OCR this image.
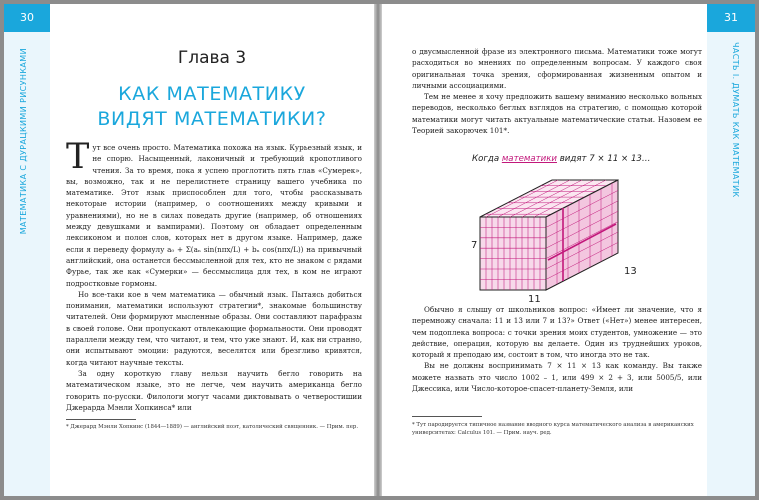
30
МАТЕМАТИКА С ДУРАЦКИМИ РИСУНКАМИ	Глава 3
КАК МАТЕМАТИКУ
ВИДЯТ МАТЕМАТИКИ?

Тут все очень просто. Математика похожа на язык. Курьезный язык, и не спорю. Насыщенный, лаконичный и требующий кропотливого чтения. За то время, пока я успею проглотить пять глав «Сумерек», вы, возможно, так и не перелистнете страницу вашего учебника по математике. Этот язык приспособлен для того, чтобы рассказывать некоторые истории (например, о соотношениях между кривыми и уравнениями), но не в силах поведать другие (например, об отношениях между девушками и вампирами). Поэтому он обладает определенным лексиконом и полон слов, которых нет в другом языке. Например, даже если я переведу формулу a₀ + Σ(aₙ sin(nπx/L) + bₙ cos(nπx/L)) на привычный английский, она останется бессмысленной для тех, кто не знаком с рядами Фурье, так же как «Сумерки» — бессмыслица для тех, в ком не играют подростковые гормоны.

Но все-таки кое в чем математика — обычный язык. Пытаясь добиться понимания, математики используют стратегии*, знакомые большинству читателей. Они формируют мысленные образы. Они составляют парафразы в своей голове. Они пропускают отвлекающие формальности. Они проводят параллели между тем, что читают, и тем, что уже знают. И, как ни странно, они испытывают эмоции: радуются, веселятся или брезгливо кривятся, когда читают научные тексты.

За одну короткую главу нельзя научить бегло говорить на математическом языке, это не легче, чем научить американца бегло говорить по-русски. Филологи могут часами диктовывать о четверостишии Джерарда Мэнли Хопкинса* или

* Джерард Мэнли Хопкинс (1844—1889) — английский поэт, католический священник. — Прим. пер.
31
ЧАСТЬ I. ДУМАТЬ КАК МАТЕМАТИК

о двусмысленной фразе из электронного письма. Математики тоже могут расходиться во мнениях по определенным вопросам. У каждого своя оригинальная точка зрения, сформированная жизненным опытом и личными ассоциациями.

Тем не менее я хочу предложить вашему вниманию несколько вольных переводов, несколько беглых взглядов на стратегию, с помощью которой математики могут читать актуальные математические статьи. Назовем ее Теорией закорючек 101*.

Когда математики видят 7 × 11 × 13…
7
11
13

Обычно я слышу от школьников вопрос: «Имеет ли значение, что я перемножу сначала: 11 и 13 или 7 и 13?» Ответ («Нет») менее интересен, чем подоплека вопроса: с точки зрения моих студентов, умножение — это действие, операция, которую вы делаете. Один из труднейших уроков, который я преподаю им, состоит в том, что иногда это не так.

Вы не должны воспринимать 7 × 11 × 13 как команду. Вы также можете назвать это число 1002 – 1, или 499 × 2 + 3, или 5005/5, или Джессика, или Число-которое-спасет-планету-Земля, или

* Тут пародируется типичное название вводного курса математического анализа в американских университетах: Calculus 101. — Прим. науч. ред.
